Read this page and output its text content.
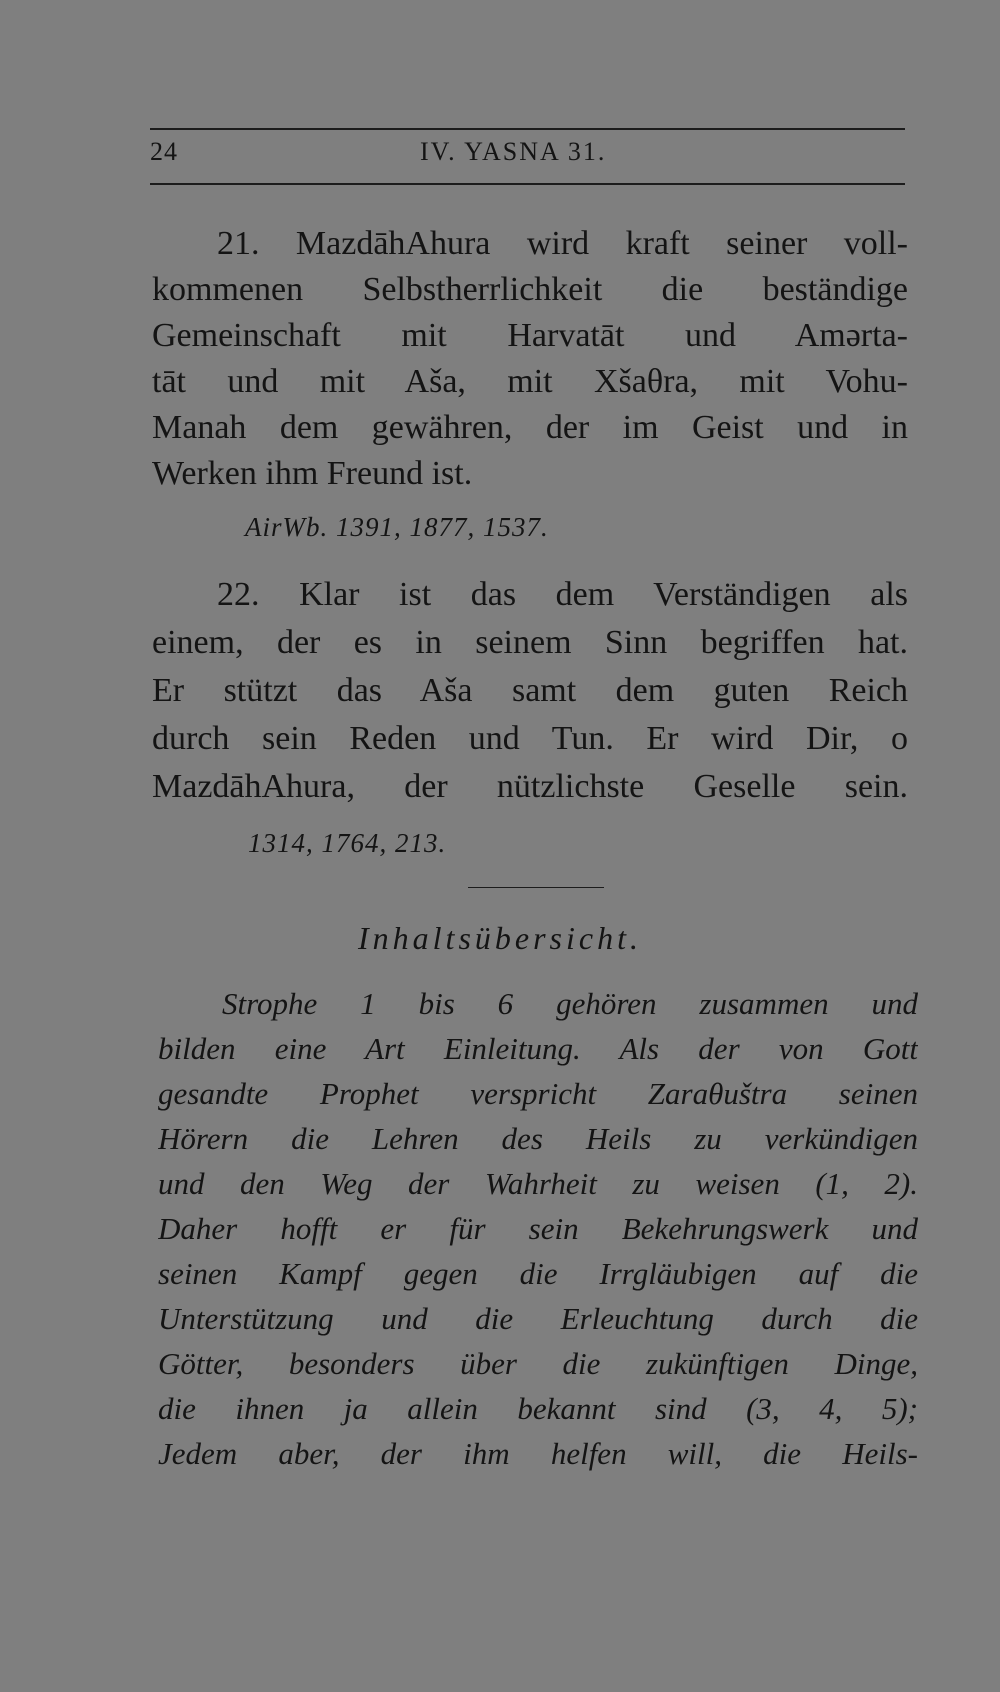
24	IV. YASNA 31.
21. MazdāhAhura wird kraft seiner voll-
kommenen Selbstherrlichkeit die beständige
Gemeinschaft mit Harvatāt und Amǝrta-
tāt und mit Aša, mit Xšaθra, mit Vohu-
Manah dem gewähren, der im Geist und in
Werken ihm Freund ist.
AirWb. 1391, 1877, 1537.
22. Klar ist das dem Verständigen als
einem, der es in seinem Sinn begriffen hat.
Er stützt das Aša samt dem guten Reich
durch sein Reden und Tun. Er wird Dir, o
MazdāhAhura, der nützlichste Geselle sein.
1314, 1764, 213.
Inhaltsübersicht.
Strophe 1 bis 6 gehören zusammen und
bilden eine Art Einleitung. Als der von Gott
gesandte Prophet verspricht Zaraθuštra seinen
Hörern die Lehren des Heils zu verkündigen
und den Weg der Wahrheit zu weisen (1, 2).
Daher hofft er für sein Bekehrungswerk und
seinen Kampf gegen die Irrgläubigen auf die
Unterstützung und die Erleuchtung durch die
Götter, besonders über die zukünftigen Dinge,
die ihnen ja allein bekannt sind (3, 4, 5);
Jedem aber, der ihm helfen will, die Heils-
